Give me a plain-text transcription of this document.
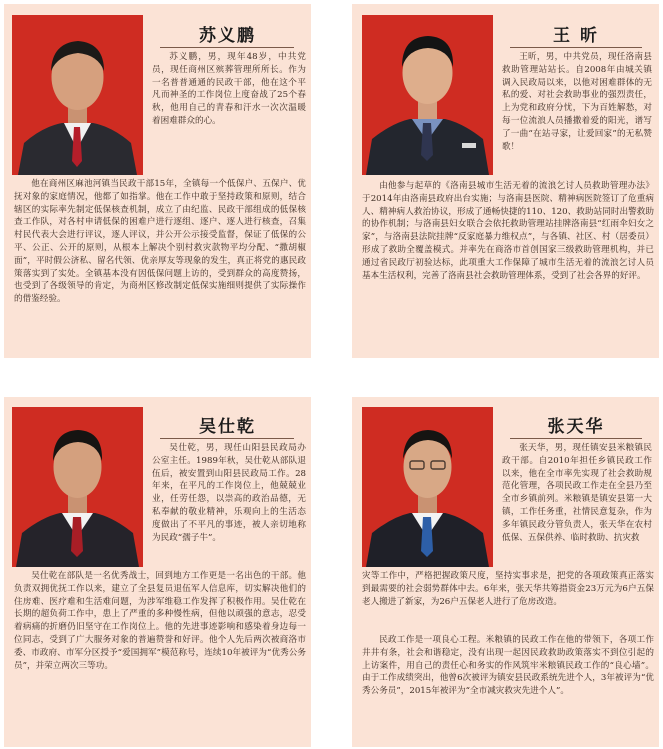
苏义鹏

苏义鹏，男，现年48岁，中共党员，现任商州区殡葬管理所所长。作为一名普普通通的民政干部，他在这个平凡而神圣的工作岗位上度奋战了25个春秋，他用自己的青春和汗水一次次温暖着困难群众的心。

他在商州区麻池河镇当民政干部15年，全镇每一个低保户、五保户、优抚对象的家庭情况，他都了如指掌。他在工作中敢于坚持政策和原则，结合辖区的实际率先制定低保核查机制，成立了由纪监、民政干部组成的低保核查工作队，对各村申请低保的困难户进行逐组、逐户、逐人进行核查，召集村民代表大会进行评议，逐人评议，并公开公示接受监督，保证了低保的公平、公正、公开的原则，从根本上解决个别村救灾款物平均分配、“撒胡椒面”，平时假公济私、留名代领、优亲厚友等现象的发生，真正将党的惠民政策落实到了实处。全镇基本没有因低保问题上访的，受到群众的高度赞扬，也受到了各级领导的肯定，为商州区修改制定低保实施细则提供了实际操作的借鉴经验。

王 昕

王昕，男，中共党员，现任洛南县救助管理站站长。自2008年由城关镇调入民政局以来，以他对困难群体的无私的爱、对社会救助事业的强烈责任，上为党和政府分忧，下为百姓解愁，对每一位流浪人员播撒着爱的阳光，谱写了一曲“在站寻家，让爱回家”的无私赞歌！

由他参与起草的《洛南县城市生活无着的流浪乞讨人员救助管理办法》于2014年由洛南县政府出台实施；与洛南县医院、精神病医院签订了危重病人、精神病人救治协议，形成了通畅快捷的110、120、救助站同时出警救助的协作机制；与洛南县妇女联合会依托救助管理站挂牌洛南县“红雨伞妇女之家”，与洛南县法院挂牌“反家庭暴力维权点”，与各镇、社区、村（居委员）形成了救助全覆盖模式。并率先在商洛市首创国家三级救助管理机构，并已通过省民政厅初验达标，此项重大工作保障了城市生活无着的流浪乞讨人员基本生活权利，完善了洛南县社会救助管理体系，受到了社会各界的好评。

吴仕乾

吴仕乾，男，现任山阳县民政局办公室主任。1989年秋，吴仕乾从部队退伍后，被安置到山阳县民政局工作。28年来，在平凡的工作岗位上，他兢兢业业，任劳任怨，以崇高的政治品德，无私奉献的敬业精神，乐观向上的生活态度做出了不平凡的事迹，被人亲切地称为民政“孺子牛”。

吴仕乾在部队是一名优秀战士，回到地方工作更是一名出色的干部。他负责双拥优抚工作以来，建立了全县复员退伍军人信息库，切实解决他们的住房难、医疗难和生活难问题，为涉军维稳工作发挥了积极作用。吴仕乾在长期的超负荷工作中，患上了严重的多种慢性病，但他以顽强的意志，忍受着病痛的折磨仍旧坚守在工作岗位上。他的先进事迹影响和感染着身边每一位同志，受到了广大服务对象的普遍赞誉和好评。他个人先后两次被商洛市委、市政府、市军分区授予“爱国拥军”模范称号，连续10年被评为“优秀公务员”，并荣立两次三等功。

张天华

张天华，男，现任镇安县米粮镇民政干部。自2010年担任乡镇民政工作以来，他在全市率先实现了社会救助规范化管理，各项民政工作走在全县乃至全市乡镇前列。米粮镇是镇安县第一大镇，工作任务重，社情民意复杂，作为多年镇民政分管负责人，张天华在农村低保、五保供养、临时救助、抗灾救

灾等工作中，严格把握政策尺度，坚持实事求是，把党的各项政策真正落实到最需要的社会弱势群体中去。6年来，张天华共筹措资金23万元为6户五保老人搬进了新家，为26户五保老人进行了危房改造。

民政工作是一项良心工程。米粮镇的民政工作在他的带领下，各项工作井井有条，社会和谐稳定，没有出现一起因民政救助政策落实不到位引起的上访案件，用自己的责任心和务实的作风筑牢米粮镇民政工作的“良心墙”。由于工作成绩突出，他曾6次被评为镇安县民政系统先进个人，3年被评为“优秀公务员”，2015年被评为“全市减灾救灾先进个人”。
